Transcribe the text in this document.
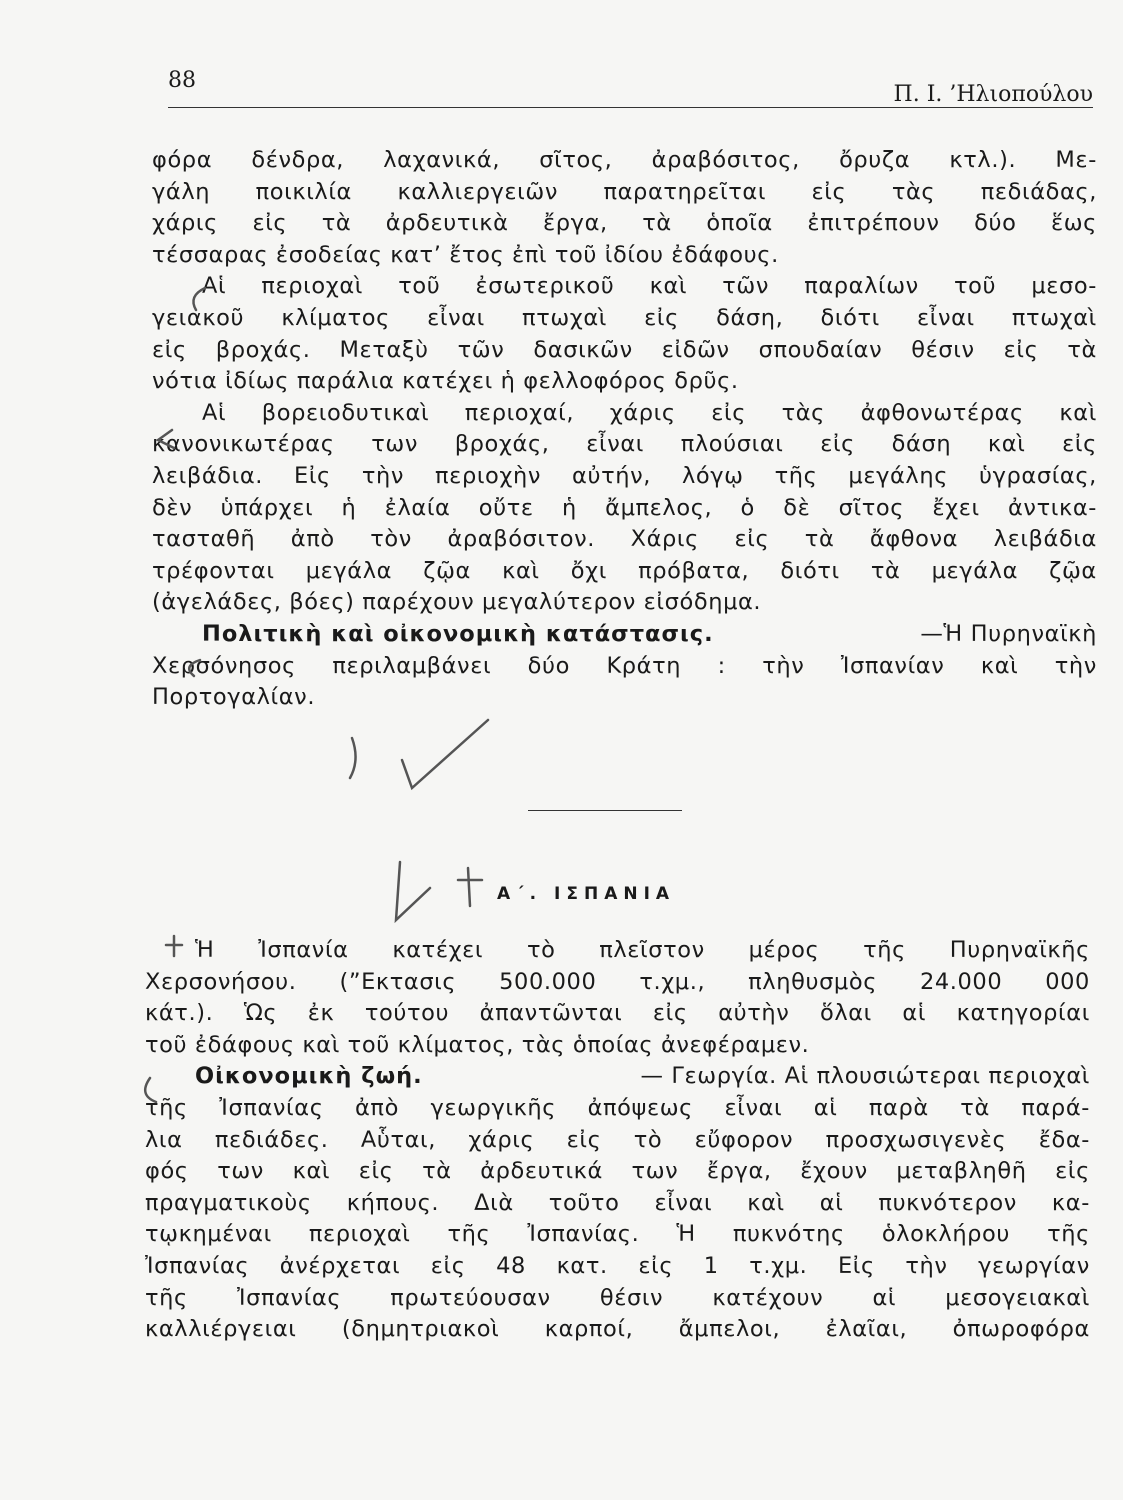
88
Π. Ι. ’Ηλιοπούλου
φόρα δένδρα, λαχανικά, σῖτος, ἀραβόσιτος, ὄρυζα κτλ.). Με-
γάλη ποικιλία καλλιεργειῶν παρατηρεῖται εἰς τὰς πεδιάδας,
χάρις εἰς τὰ ἀρδευτικὰ ἔργα, τὰ ὁποῖα ἐπιτρέπουν δύο ἕως
τέσσαρας ἐσοδείας κατ’ ἔτος ἐπὶ τοῦ ἰδίου ἐδάφους.
Αἱ περιοχαὶ τοῦ ἐσωτερικοῦ καὶ τῶν παραλίων τοῦ μεσο-
γειακοῦ κλίματος εἶναι πτωχαὶ εἰς δάση, διότι εἶναι πτωχαὶ
εἰς βροχάς. Μεταξὺ τῶν δασικῶν εἰδῶν σπουδαίαν θέσιν εἰς τὰ
νότια ἰδίως παράλια κατέχει ἡ φελλοφόρος δρῦς.
Αἱ βορειοδυτικαὶ περιοχαί, χάρις εἰς τὰς ἀφθονωτέρας καὶ
κανονικωτέρας των βροχάς, εἶναι πλούσιαι εἰς δάση καὶ εἰς
λειβάδια. Εἰς τὴν περιοχὴν αὐτήν, λόγῳ τῆς μεγάλης ὑγρασίας,
δὲν ὑπάρχει ἡ ἐλαία οὔτε ἡ ἄμπελος, ὁ δὲ σῖτος ἔχει ἀντικα-
τασταθῆ ἀπὸ τὸν ἀραβόσιτον. Χάρις εἰς τὰ ἄφθονα λειβάδια
τρέφονται μεγάλα ζῷα καὶ ὄχι πρόβατα, διότι τὰ μεγάλα ζῷα
(ἀγελάδες, βόες) παρέχουν μεγαλύτερον εἰσόδημα.
Πολιτικὴ καὶ οἰκονομικὴ κατάστασις.	—Ἡ Πυρηναϊκὴ
Χερσόνησος περιλαμβάνει δύο Κράτη : τὴν Ἰσπανίαν καὶ τὴν
Πορτογαλίαν.
Α΄. ΙΣΠΑΝΙΑ
Ἡ Ἰσπανία κατέχει τὸ πλεῖστον μέρος τῆς Πυρηναϊκῆς
Χερσονήσου. (”Εκτασις 500.000 τ.χμ., πληθυσμὸς 24.000 000
κάτ.). Ὡς ἐκ τούτου ἀπαντῶνται εἰς αὐτὴν ὅλαι αἱ κατηγορίαι
τοῦ ἐδάφους καὶ τοῦ κλίματος, τὰς ὁποίας ἀνεφέραμεν.
Οἰκονομικὴ ζωή.	— Γεωργία. Αἱ πλουσιώτεραι περιοχαὶ
τῆς Ἰσπανίας ἀπὸ γεωργικῆς ἀπόψεως εἶναι αἱ παρὰ τὰ παρά-
λια πεδιάδες. Αὗται, χάρις εἰς τὸ εὔφορον προσχωσιγενὲς ἔδα-
φός των καὶ εἰς τὰ ἀρδευτικά των ἔργα, ἔχουν μεταβληθῆ εἰς
πραγματικοὺς κήπους. Διὰ τοῦτο εἶναι καὶ αἱ πυκνότερον κα-
τῳκημέναι περιοχαὶ τῆς Ἰσπανίας. Ἡ πυκνότης ὁλοκλήρου τῆς
Ἰσπανίας ἀνέρχεται εἰς 48 κατ. εἰς 1 τ.χμ. Εἰς τὴν γεωργίαν
τῆς Ἰσπανίας πρωτεύουσαν θέσιν κατέχουν αἱ μεσογειακαὶ
καλλιέργειαι (δημητριακοὶ καρποί, ἄμπελοι, ἐλαῖαι, ὀπωροφόρα
